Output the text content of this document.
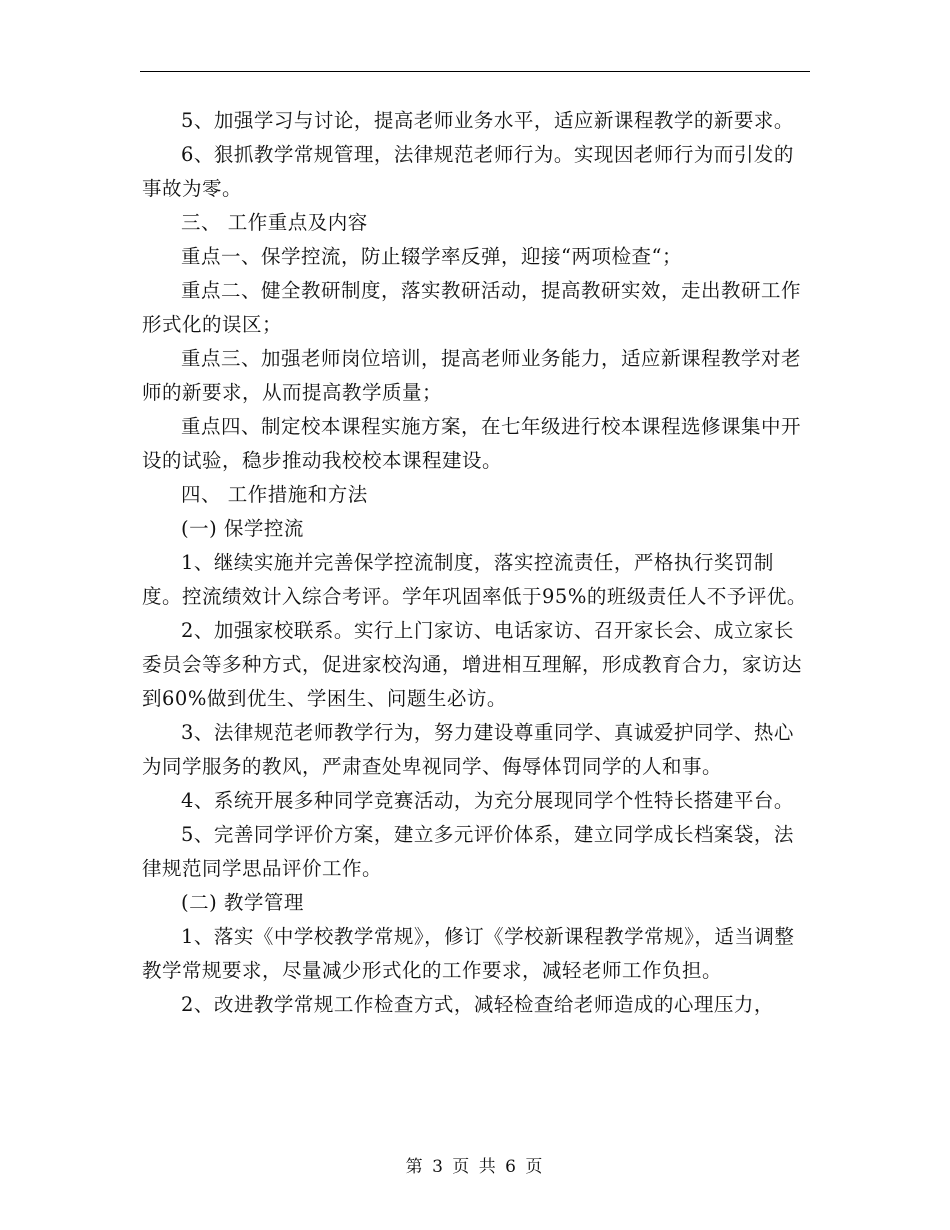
5、加强学习与讨论，提高老师业务水平，适应新课程教学的新要求。

6、狠抓教学常规管理，法律规范老师行为。实现因老师行为而引发的事故为零。

三、 工作重点及内容

重点一、保学控流，防止辍学率反弹，迎接“两项检查“；

重点二、健全教研制度，落实教研活动，提高教研实效，走出教研工作形式化的误区；

重点三、加强老师岗位培训，提高老师业务能力，适应新课程教学对老师的新要求，从而提高教学质量；

重点四、制定校本课程实施方案，在七年级进行校本课程选修课集中开设的试验，稳步推动我校校本课程建设。

四、 工作措施和方法

(一) 保学控流

1、继续实施并完善保学控流制度，落实控流责任，严格执行奖罚制度。控流绩效计入综合考评。学年巩固率低于95%的班级责任人不予评优。

2、加强家校联系。实行上门家访、电话家访、召开家长会、成立家长委员会等多种方式，促进家校沟通，增进相互理解，形成教育合力，家访达到60%做到优生、学困生、问题生必访。

3、法律规范老师教学行为，努力建设尊重同学、真诚爱护同学、热心为同学服务的教风，严肃查处卑视同学、侮辱体罚同学的人和事。

4、系统开展多种同学竞赛活动，为充分展现同学个性特长搭建平台。

5、完善同学评价方案，建立多元评价体系，建立同学成长档案袋，法律规范同学思品评价工作。

(二) 教学管理

1、落实《中学校教学常规》，修订《学校新课程教学常规》，适当调整教学常规要求，尽量减少形式化的工作要求，减轻老师工作负担。

2、改进教学常规工作检查方式，减轻检查给老师造成的心理压力，

第 3 页 共 6 页
